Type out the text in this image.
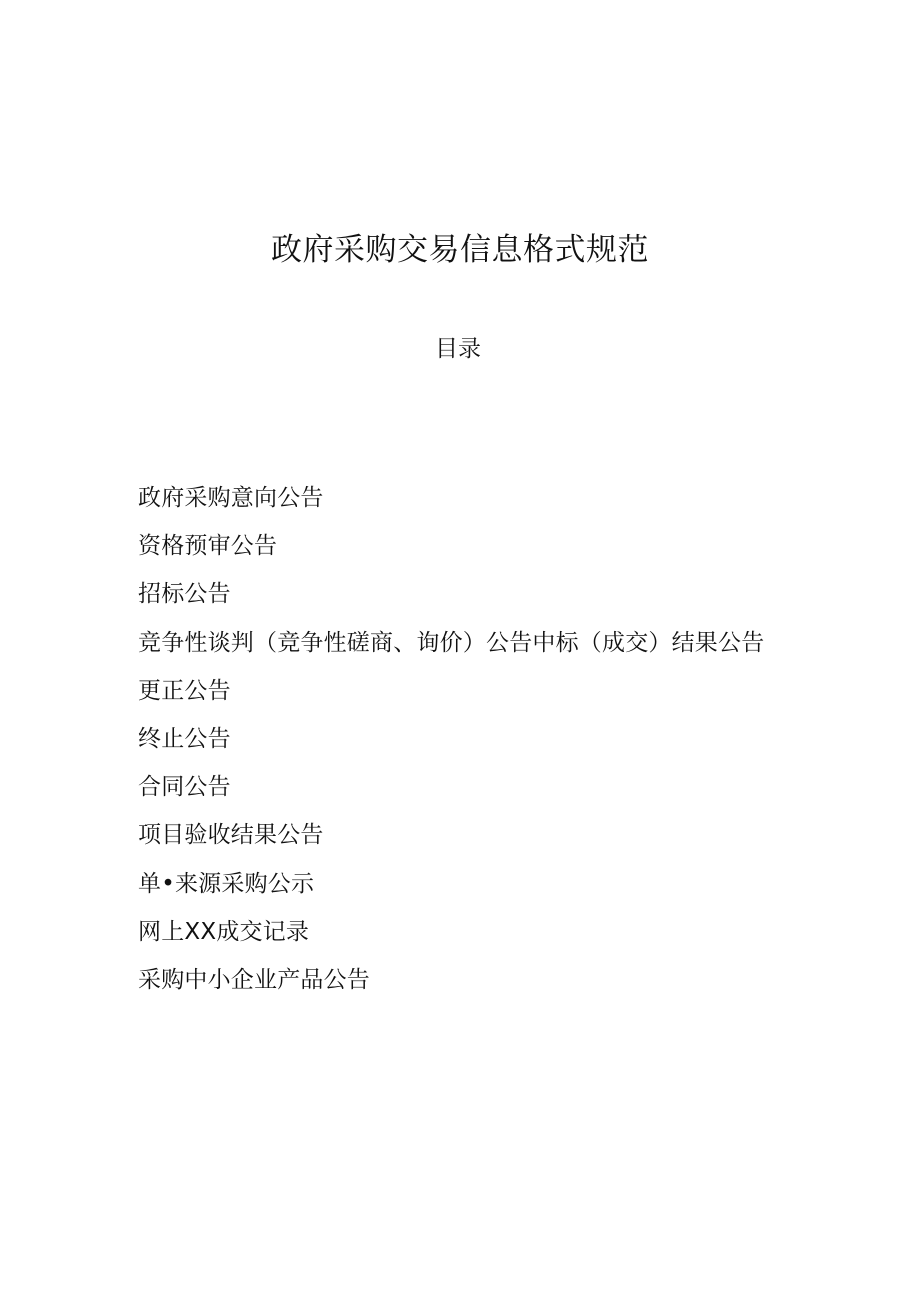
政府采购交易信息格式规范
目录
政府采购意向公告
资格预审公告
招标公告
竞争性谈判（竞争性磋商、询价）公告中标（成交）结果公告
更正公告
终止公告
合同公告
项目验收结果公告
单•来源采购公示
网上XX成交记录
采购中小企业产品公告
